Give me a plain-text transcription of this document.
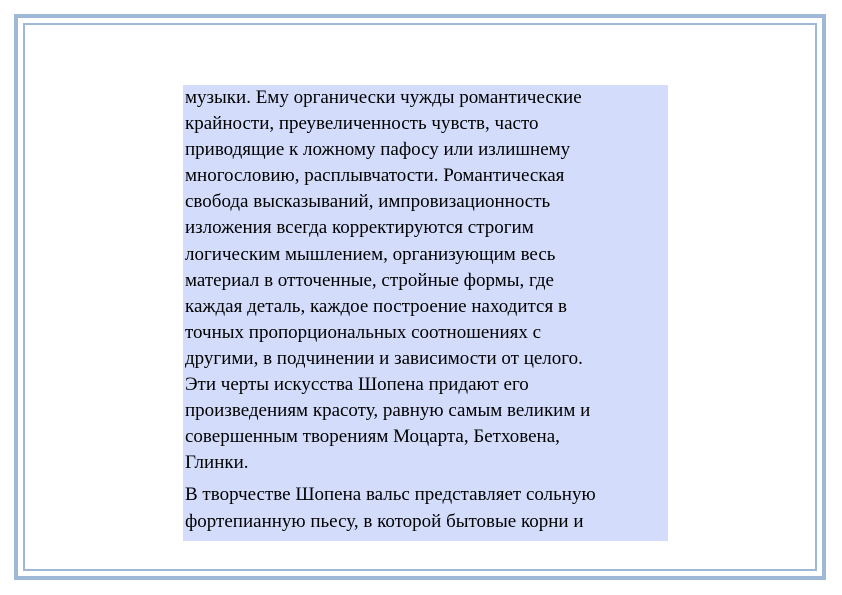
музыки. Ему органически чужды романтические
крайности, преувеличенность чувств, часто
приводящие к ложному пафосу или излишнему
многословию, расплывчатости. Романтическая
свобода высказываний, импровизационность
изложения всегда корректируются строгим
логическим мышлением, организующим весь
материал в отточенные, стройные формы, где
каждая деталь, каждое построение находится в
точных пропорциональных соотношениях с
другими, в подчинении и зависимости от целого.
Эти черты искусства Шопена придают его
произведениям красоту, равную самым великим и
совершенным творениям Моцарта, Бетховена,
Глинки.

В творчестве Шопена вальс представляет сольную
фортепианную пьесу, в которой бытовые корни и
